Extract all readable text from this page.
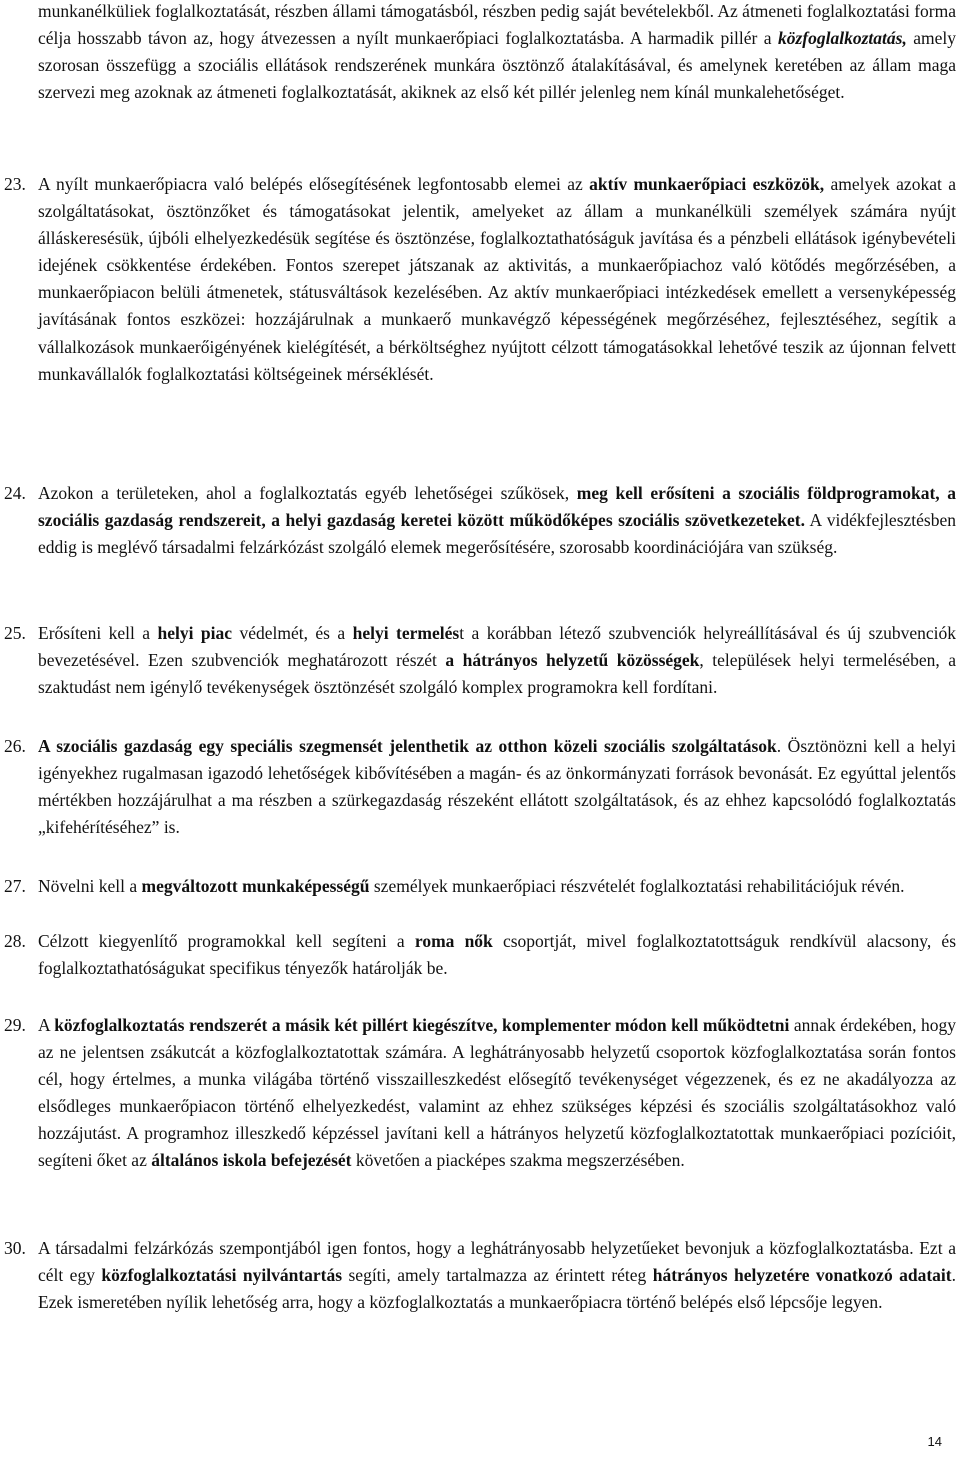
munkanélküliek foglalkoztatását, részben állami támogatásból, részben pedig saját bevételekből. Az átmeneti foglalkoztatási forma célja hosszabb távon az, hogy átvezessen a nyílt munkaerőpiaci foglalkoztatásba. A harmadik pillér a közfoglalkoztatás, amely szorosan összefügg a szociális ellátások rendszerének munkára ösztönző átalakításával, és amelynek keretében az állam maga szervezi meg azoknak az átmeneti foglalkoztatását, akiknek az első két pillér jelenleg nem kínál munkalehetőséget.
23. A nyílt munkaerőpiacra való belépés elősegítésének legfontosabb elemei az aktív munkaerőpiaci eszközök, amelyek azokat a szolgáltatásokat, ösztönzőket és támogatásokat jelentik, amelyeket az állam a munkanélküli személyek számára nyújt álláskeresésük, újbóli elhelyezkedésük segítése és ösztönzése, foglalkoztathatóságuk javítása és a pénzbeli ellátások igénybevételi idejének csökkentése érdekében. Fontos szerepet játszanak az aktivitás, a munkaerőpiachoz való kötődés megőrzésében, a munkaerőpiacon belüli átmenetek, státusváltások kezelésében. Az aktív munkaerőpiaci intézkedések emellett a versenyképesség javításának fontos eszközei: hozzájárulnak a munkaerő munkavégző képességének megőrzéséhez, fejlesztéséhez, segítik a vállalkozások munkaerőigényének kielégítését, a bérköltséghez nyújtott célzott támogatásokkal lehetővé teszik az újonnan felvett munkavállalók foglalkoztatási költségeinek mérséklését.
24. Azokon a területeken, ahol a foglalkoztatás egyéb lehetőségei szűkösek, meg kell erősíteni a szociális földprogramokat, a szociális gazdaság rendszereit, a helyi gazdaság keretei között működőképes szociális szövetkezeteket. A vidékfejlesztésben eddig is meglévő társadalmi felzárkózást szolgáló elemek megerősítésére, szorosabb koordinációjára van szükség.
25. Erősíteni kell a helyi piac védelmét, és a helyi termelést a korábban létező szubvenciók helyreállításával és új szubvenciók bevezetésével. Ezen szubvenciók meghatározott részét a hátrányos helyzetű közösségek, települések helyi termelésében, a szaktudást nem igénylő tevékenységek ösztönzését szolgáló komplex programokra kell fordítani.
26. A szociális gazdaság egy speciális szegmensét jelenthetik az otthon közeli szociális szolgáltatások. Ösztönözni kell a helyi igényekhez rugalmasan igazodó lehetőségek kibővítésében a magán- és az önkormányzati források bevonását. Ez egyúttal jelentős mértékben hozzájárulhat a ma részben a szürkegazdaság részeként ellátott szolgáltatások, és az ehhez kapcsolódó foglalkoztatás „kifehérítéséhez” is.
27. Növelni kell a megváltozott munkaképességű személyek munkaerőpiaci részvételét foglalkoztatási rehabilitációjuk révén.
28. Célzott kiegyenlítő programokkal kell segíteni a roma nők csoportját, mivel foglalkoztatottságuk rendkívül alacsony, és foglalkoztathatóságukat specifikus tényezők határolják be.
29. A közfoglalkoztatás rendszerét a másik két pillért kiegészítve, komplementer módon kell működtetni annak érdekében, hogy az ne jelentsen zsákutcát a közfoglalkoztatottak számára. A leghátrányosabb helyzetű csoportok közfoglalkoztatása során fontos cél, hogy értelmes, a munka világába történő visszailleszkedést elősegítő tevékenységet végezzenek, és ez ne akadályozza az elsődleges munkaerőpiacon történő elhelyezkedést, valamint az ehhez szükséges képzési és szociális szolgáltatásokhoz való hozzájutást. A programhoz illeszkedő képzéssel javítani kell a hátrányos helyzetű közfoglalkoztatottak munkaerőpiaci pozícióit, segíteni őket az általános iskola befejezését követően a piacképes szakma megszerzésében.
30. A társadalmi felzárkózás szempontjából igen fontos, hogy a leghátrányosabb helyzetűeket bevonjuk a közfoglalkoztatásba. Ezt a célt egy közfoglalkoztatási nyilvántartás segíti, amely tartalmazza az érintett réteg hátrányos helyzetére vonatkozó adatait. Ezek ismeretében nyílik lehetőség arra, hogy a közfoglalkoztatás a munkaerőpiacra történő belépés első lépcsője legyen.
14
